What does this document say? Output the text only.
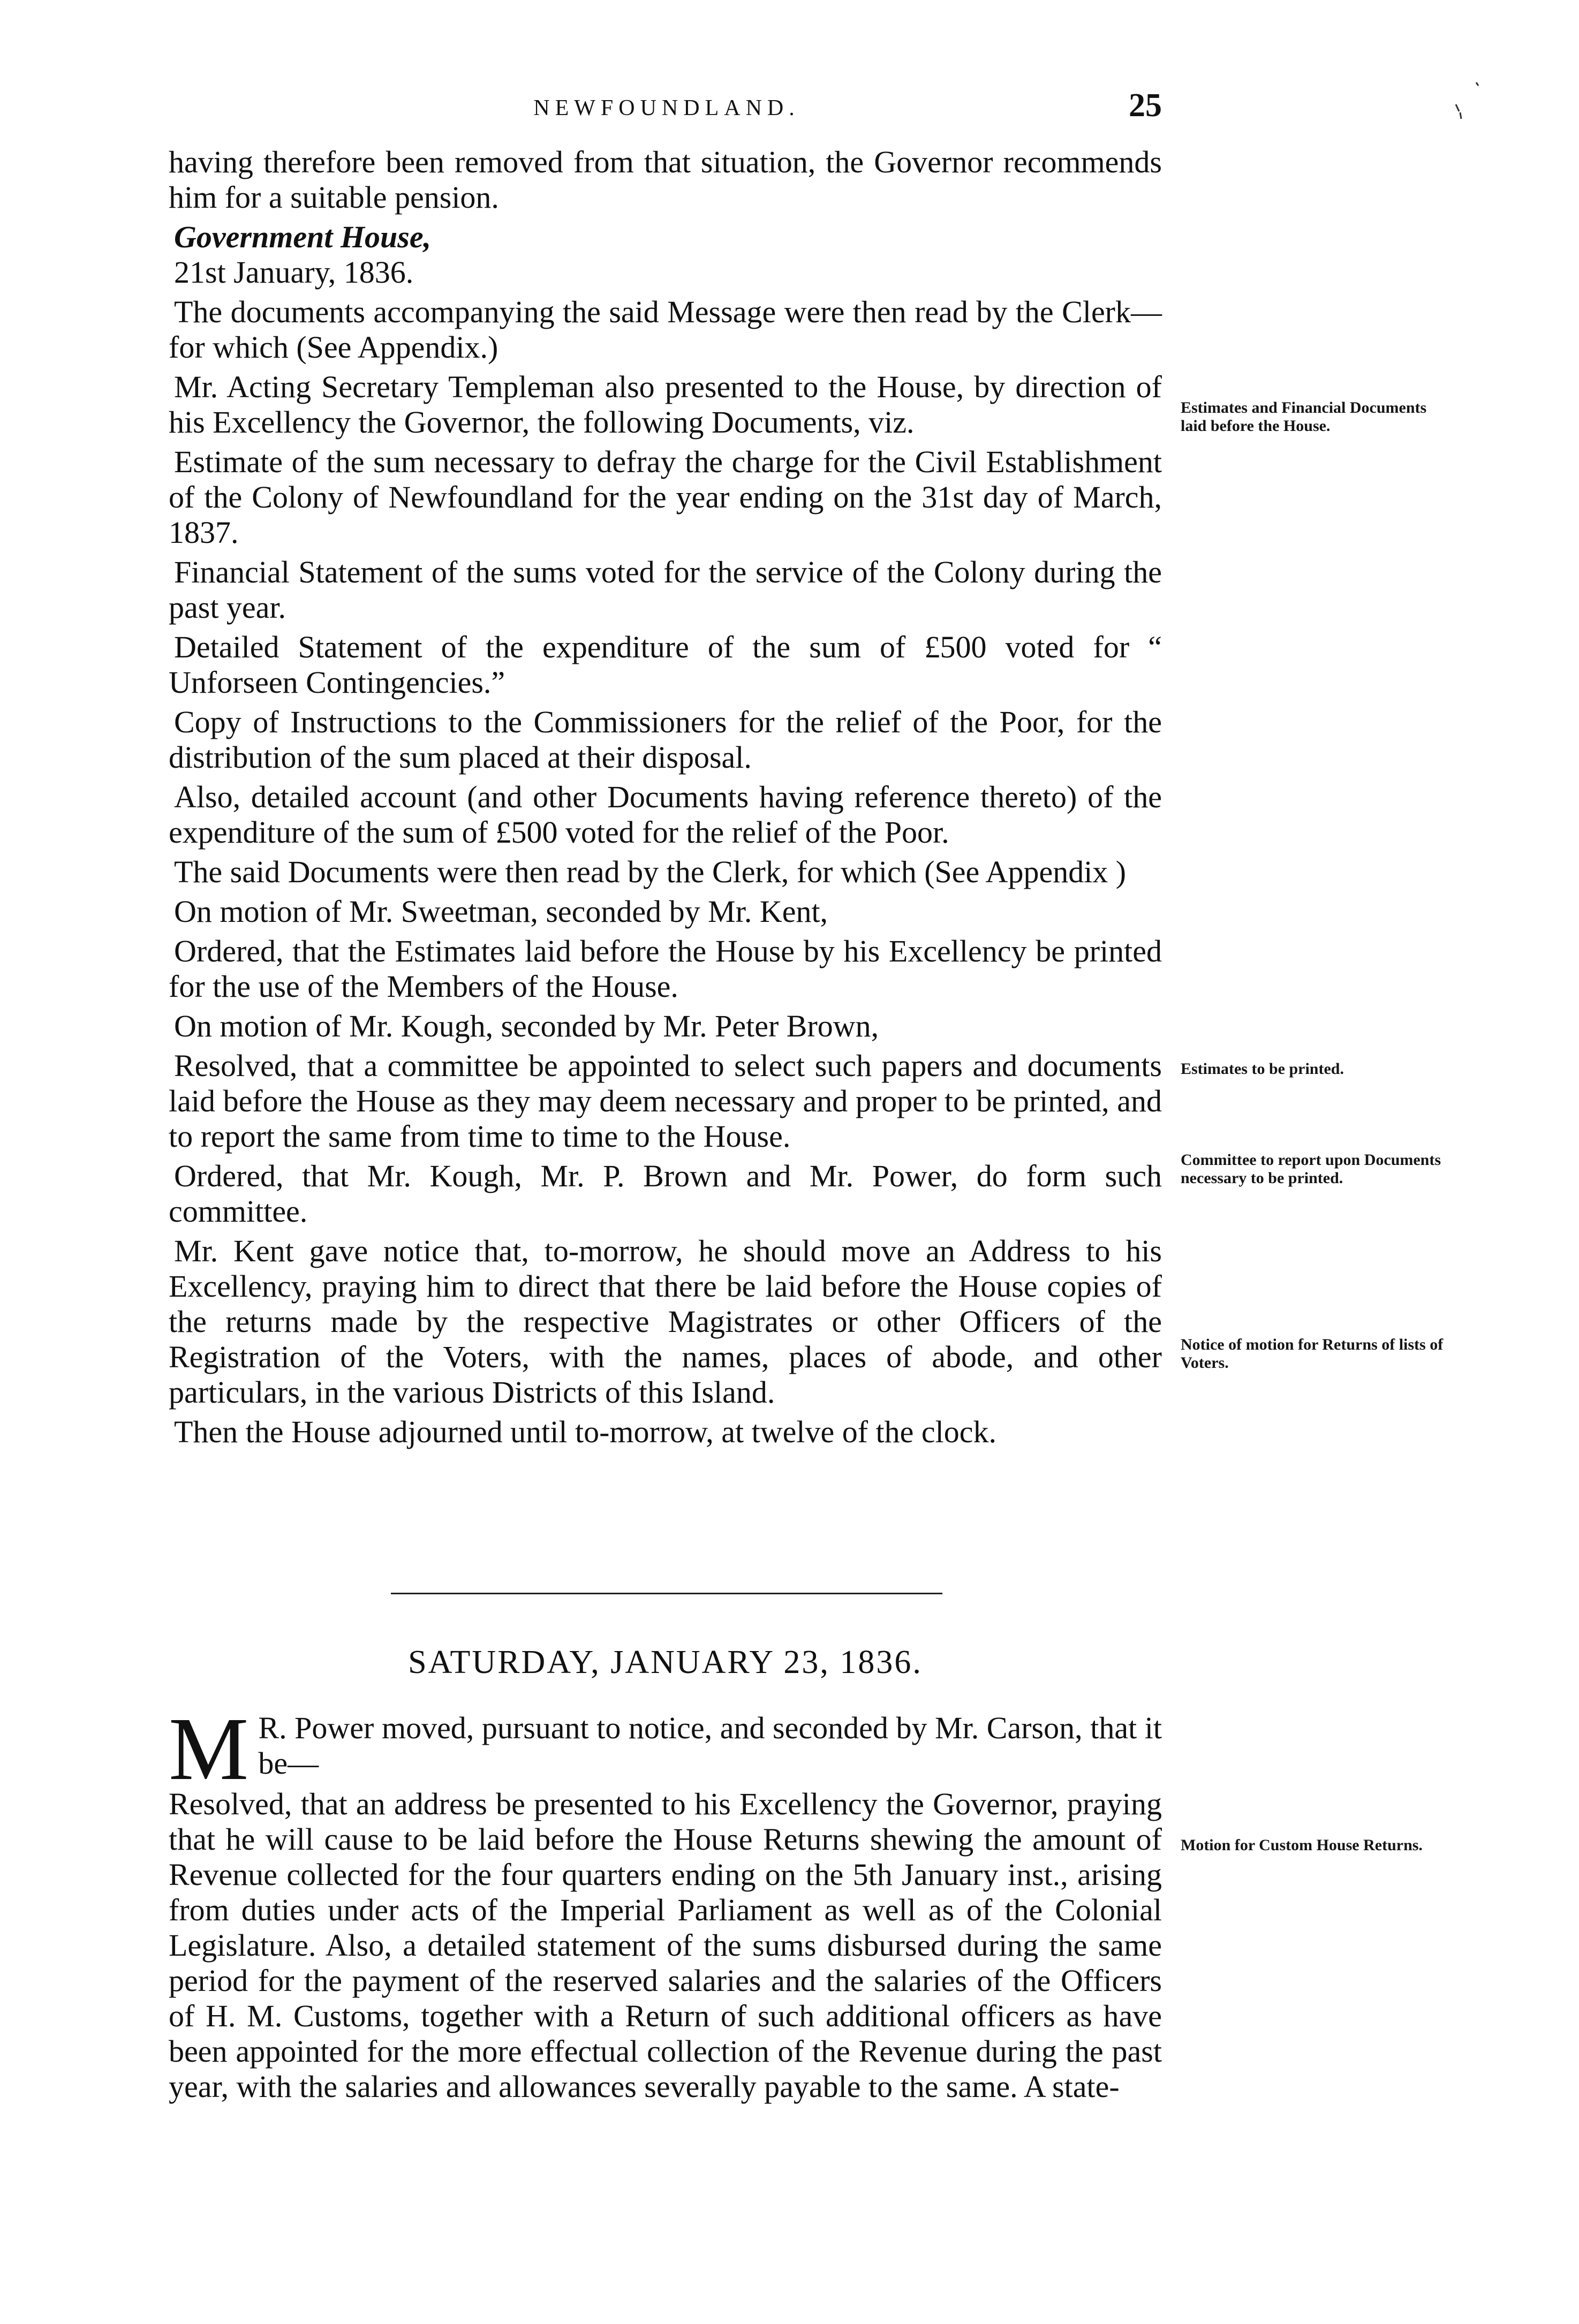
NEWFOUNDLAND.	25

having therefore been removed from that situation, the Governor recommends him for a suitable pension.

Government House,

21st January, 1836.

The documents accompanying the said Message were then read by the Clerk—for which (See Appendix.)

Mr. Acting Secretary Templeman also presented to the House, by direction of his Excellency the Governor, the following Documents, viz.

Estimate of the sum necessary to defray the charge for the Civil Establishment of the Colony of Newfoundland for the year ending on the 31st day of March, 1837.

Financial Statement of the sums voted for the service of the Colony during the past year.

Detailed Statement of the expenditure of the sum of £500 voted for “ Unforseen Contingencies.”

Copy of Instructions to the Commissioners for the relief of the Poor, for the distribution of the sum placed at their disposal.

Also, detailed account (and other Documents having reference thereto) of the expenditure of the sum of £500 voted for the relief of the Poor.

The said Documents were then read by the Clerk, for which (See Appendix )

On motion of Mr. Sweetman, seconded by Mr. Kent,

Ordered, that the Estimates laid before the House by his Excellency be printed for the use of the Members of the House.

On motion of Mr. Kough, seconded by Mr. Peter Brown,

Resolved, that a committee be appointed to select such papers and documents laid before the House as they may deem necessary and proper to be printed, and to report the same from time to time to the House.

Ordered, that Mr. Kough, Mr. P. Brown and Mr. Power, do form such committee.

Mr. Kent gave notice that, to-morrow, he should move an Address to his Excellency, praying him to direct that there be laid before the House copies of the returns made by the respective Magistrates or other Officers of the Registration of the Voters, with the names, places of abode, and other particulars, in the various Districts of this Island.

Then the House adjourned until to-morrow, at twelve of the clock.

Estimates and Financial Documents laid before the House.
Estimates to be printed.
Committee to report upon Documents necessary to be printed.
Notice of motion for Returns of lists of Voters.
Motion for Custom House Returns.
SATURDAY, JANUARY 23, 1836.
M R. Power moved, pursuant to notice, and seconded by Mr. Carson, that it be—

Resolved, that an address be presented to his Excellency the Governor, praying that he will cause to be laid before the House Returns shewing the amount of Revenue collected for the four quarters ending on the 5th January inst., arising from duties under acts of the Imperial Parliament as well as of the Colonial Legislature. Also, a detailed statement of the sums disbursed during the same period for the payment of the reserved salaries and the salaries of the Officers of H. M. Customs, together with a Return of such additional officers as have been appointed for the more effectual collection of the Revenue during the past year, with the salaries and allowances severally payable to the same. A state-
